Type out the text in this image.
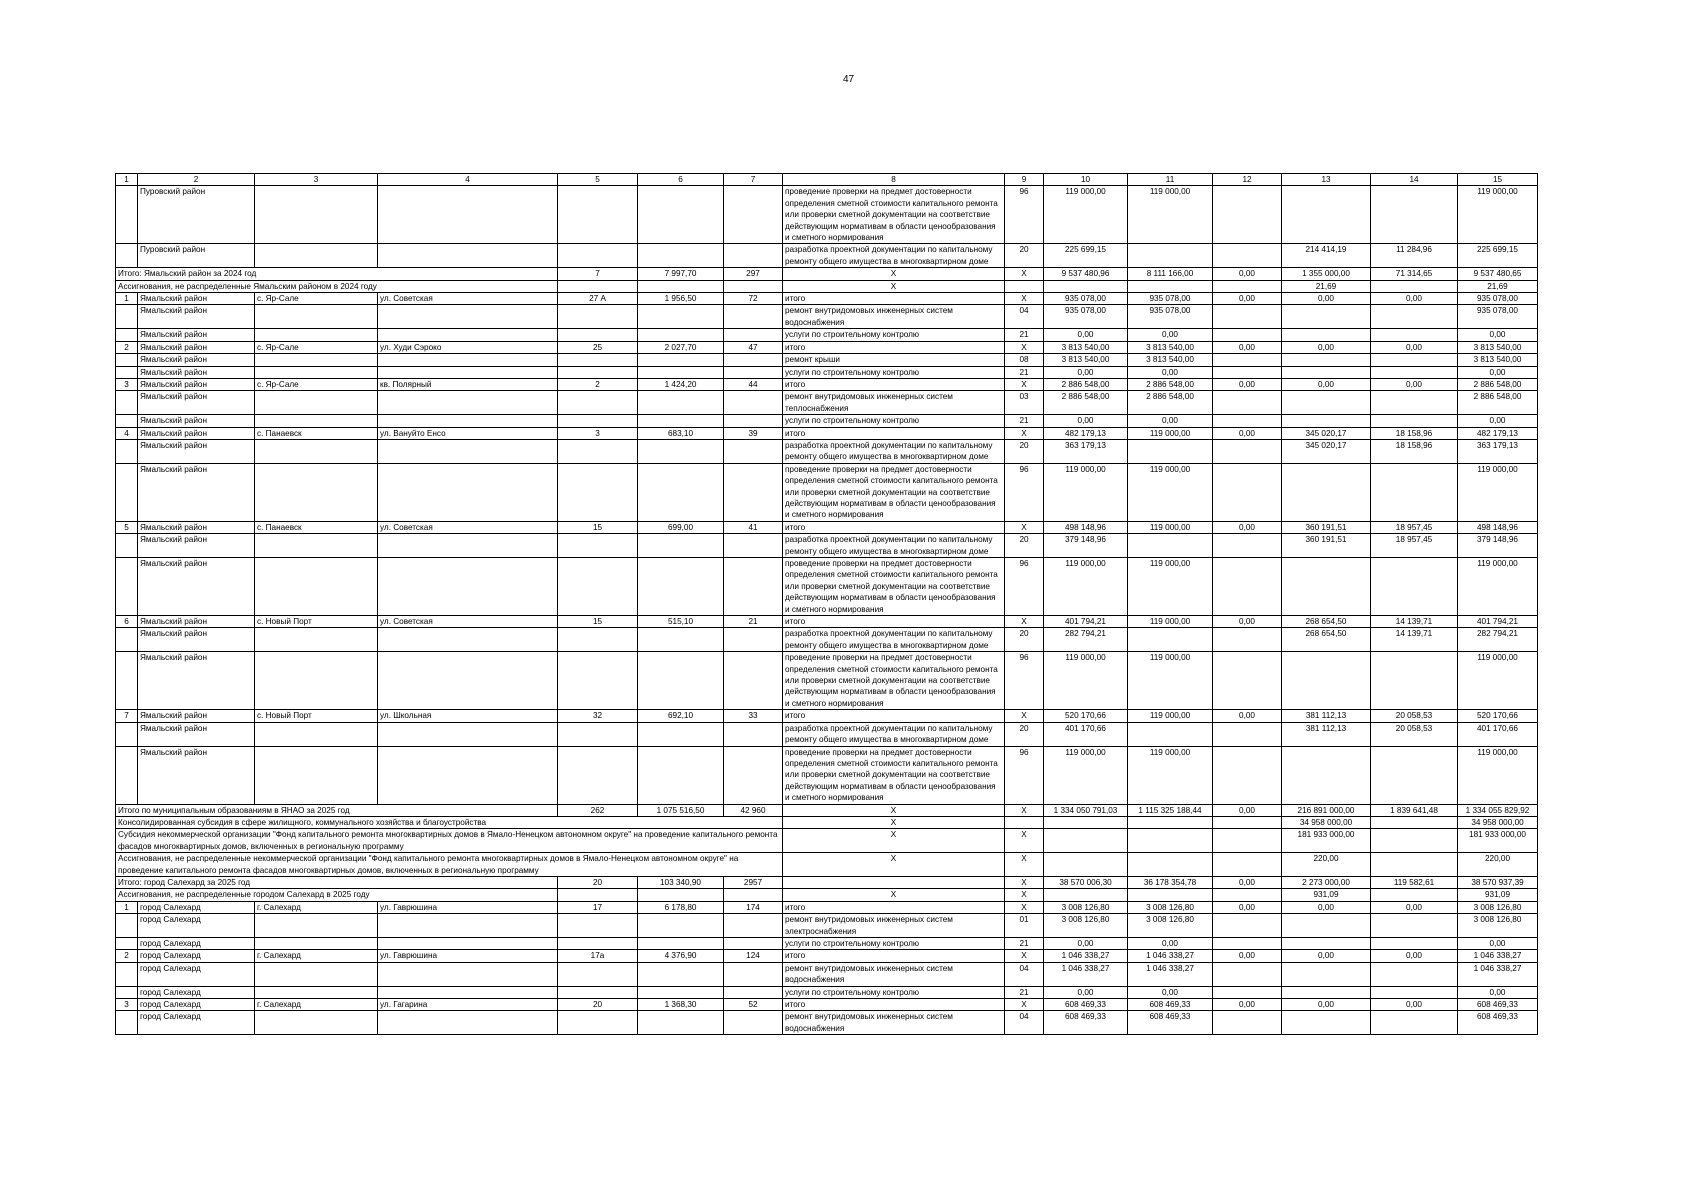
47
1	2	3	4	5	6	7	8	9	10	11	12	13	14	15
	Пуровский район						проведение проверки на предмет достоверности определения сметной стоимости капитального ремонта или проверки сметной документации на соответствие действующим нормативам в области ценообразования и сметного нормирования	96	119 000,00	119 000,00				119 000,00
	Пуровский район						разработка проектной документации по капитальному ремонту общего имущества в многоквартирном доме	20	225 699,15			214 414,19	11 284,96	225 699,15
Итого: Ямальский район за 2024 год				7	7 997,70	297	X	X	9 537 480,96	8 111 166,00	0,00	1 355 000,00	71 314,65	9 537 480,65
Ассигнования, не распределенные Ямальским районом в 2024 году							X					21,69		21,69
1	Ямальский район	с. Яр-Сале	ул. Советская	27 А	1 956,50	72	итого	X	935 078,00	935 078,00	0,00	0,00	0,00	935 078,00
	Ямальский район						ремонт внутридомовых инженерных систем водоснабжения	04	935 078,00	935 078,00				935 078,00
	Ямальский район						услуги по строительному контролю	21	0,00	0,00				0,00
2	Ямальский район	с. Яр-Сале	ул. Худи Сэроко	25	2 027,70	47	итого	X	3 813 540,00	3 813 540,00	0,00	0,00	0,00	3 813 540,00
	Ямальский район						ремонт крыши	08	3 813 540,00	3 813 540,00				3 813 540,00
	Ямальский район						услуги по строительному контролю	21	0,00	0,00				0,00
3	Ямальский район	с. Яр-Сале	кв. Полярный	2	1 424,20	44	итого	X	2 886 548,00	2 886 548,00	0,00	0,00	0,00	2 886 548,00
	Ямальский район						ремонт внутридомовых инженерных систем теплоснабжения	03	2 886 548,00	2 886 548,00				2 886 548,00
	Ямальский район						услуги по строительному контролю	21	0,00	0,00				0,00
4	Ямальский район	с. Панаевск	ул. Вануйто Енсо	3	683,10	39	итого	X	482 179,13	119 000,00	0,00	345 020,17	18 158,96	482 179,13
	Ямальский район						разработка проектной документации по капитальному ремонту общего имущества в многоквартирном доме	20	363 179,13			345 020,17	18 158,96	363 179,13
	Ямальский район						проведение проверки на предмет достоверности определения сметной стоимости капитального ремонта или проверки сметной документации на соответствие действующим нормативам в области ценообразования и сметного нормирования	96	119 000,00	119 000,00				119 000,00
5	Ямальский район	с. Панаевск	ул. Советская	15	699,00	41	итого	X	498 148,96	119 000,00	0,00	360 191,51	18 957,45	498 148,96
	Ямальский район						разработка проектной документации по капитальному ремонту общего имущества в многоквартирном доме	20	379 148,96			360 191,51	18 957,45	379 148,96
	Ямальский район						проведение проверки на предмет достоверности определения сметной стоимости капитального ремонта или проверки сметной документации на соответствие действующим нормативам в области ценообразования и сметного нормирования	96	119 000,00	119 000,00				119 000,00
6	Ямальский район	с. Новый Порт	ул. Советская	15	515,10	21	итого	X	401 794,21	119 000,00	0,00	268 654,50	14 139,71	401 794,21
	Ямальский район						разработка проектной документации по капитальному ремонту общего имущества в многоквартирном доме	20	282 794,21			268 654,50	14 139,71	282 794,21
	Ямальский район						проведение проверки на предмет достоверности определения сметной стоимости капитального ремонта или проверки сметной документации на соответствие действующим нормативам в области ценообразования и сметного нормирования	96	119 000,00	119 000,00				119 000,00
7	Ямальский район	с. Новый Порт	ул. Школьная	32	692,10	33	итого	X	520 170,66	119 000,00	0,00	381 112,13	20 058,53	520 170,66
	Ямальский район						разработка проектной документации по капитальному ремонту общего имущества в многоквартирном доме	20	401 170,66			381 112,13	20 058,53	401 170,66
	Ямальский район						проведение проверки на предмет достоверности определения сметной стоимости капитального ремонта или проверки сметной документации на соответствие действующим нормативам в области ценообразования и сметного нормирования	96	119 000,00	119 000,00				119 000,00
Итого по муниципальным образованиям в ЯНАО за 2025 год				262	1 075 516,50	42 960	X	X	1 334 050 791,03	1 115 325 188,44	0,00	216 891 000,00	1 839 641,48	1 334 055 829,92
Консолидированная субсидия в сфере жилищного, коммунального хозяйства и благоустройства							X					34 958 000,00		34 958 000,00
Субсидия некоммерческой организации "Фонд капитального ремонта многоквартирных домов в Ямало-Ненецком автономном округе" на проведение капитального ремонта фасадов многоквартирных домов, включенных в региональную программу							X	X				181 933 000,00		181 933 000,00
Ассигнования, не распределенные некоммерческой организации "Фонд капитального ремонта многоквартирных домов в Ямало-Ненецком автономном округе" на проведение капитального ремонта фасадов многоквартирных домов, включенных в региональную программу							X	X				220,00		220,00
Итого: город Салехард за 2025 год				20	103 340,90	2957		X	38 570 006,30	36 178 354,78	0,00	2 273 000,00	119 582,61	38 570 937,39
Ассигнования, не распределенные городом Салехард в 2025 году							X	X				931,09		931,09
1	город Салехард	г. Салехард	ул. Гаврюшина	17	6 178,80	174	итого	X	3 008 126,80	3 008 126,80	0,00	0,00	0,00	3 008 126,80
	город Салехард						ремонт внутридомовых инженерных систем электроснабжения	01	3 008 126,80	3 008 126,80				3 008 126,80
	город Салехард						услуги по строительному контролю	21	0,00	0,00				0,00
2	город Салехард	г. Салехард	ул. Гаврюшина	17а	4 376,90	124	итого	X	1 046 338,27	1 046 338,27	0,00	0,00	0,00	1 046 338,27
	город Салехард						ремонт внутридомовых инженерных систем водоснабжения	04	1 046 338,27	1 046 338,27				1 046 338,27
	город Салехард						услуги по строительному контролю	21	0,00	0,00				0,00
3	город Салехард	г. Салехард	ул. Гагарина	20	1 368,30	52	итого	X	608 469,33	608 469,33	0,00	0,00	0,00	608 469,33
	город Салехард						ремонт внутридомовых инженерных систем водоснабжения	04	608 469,33	608 469,33				608 469,33
